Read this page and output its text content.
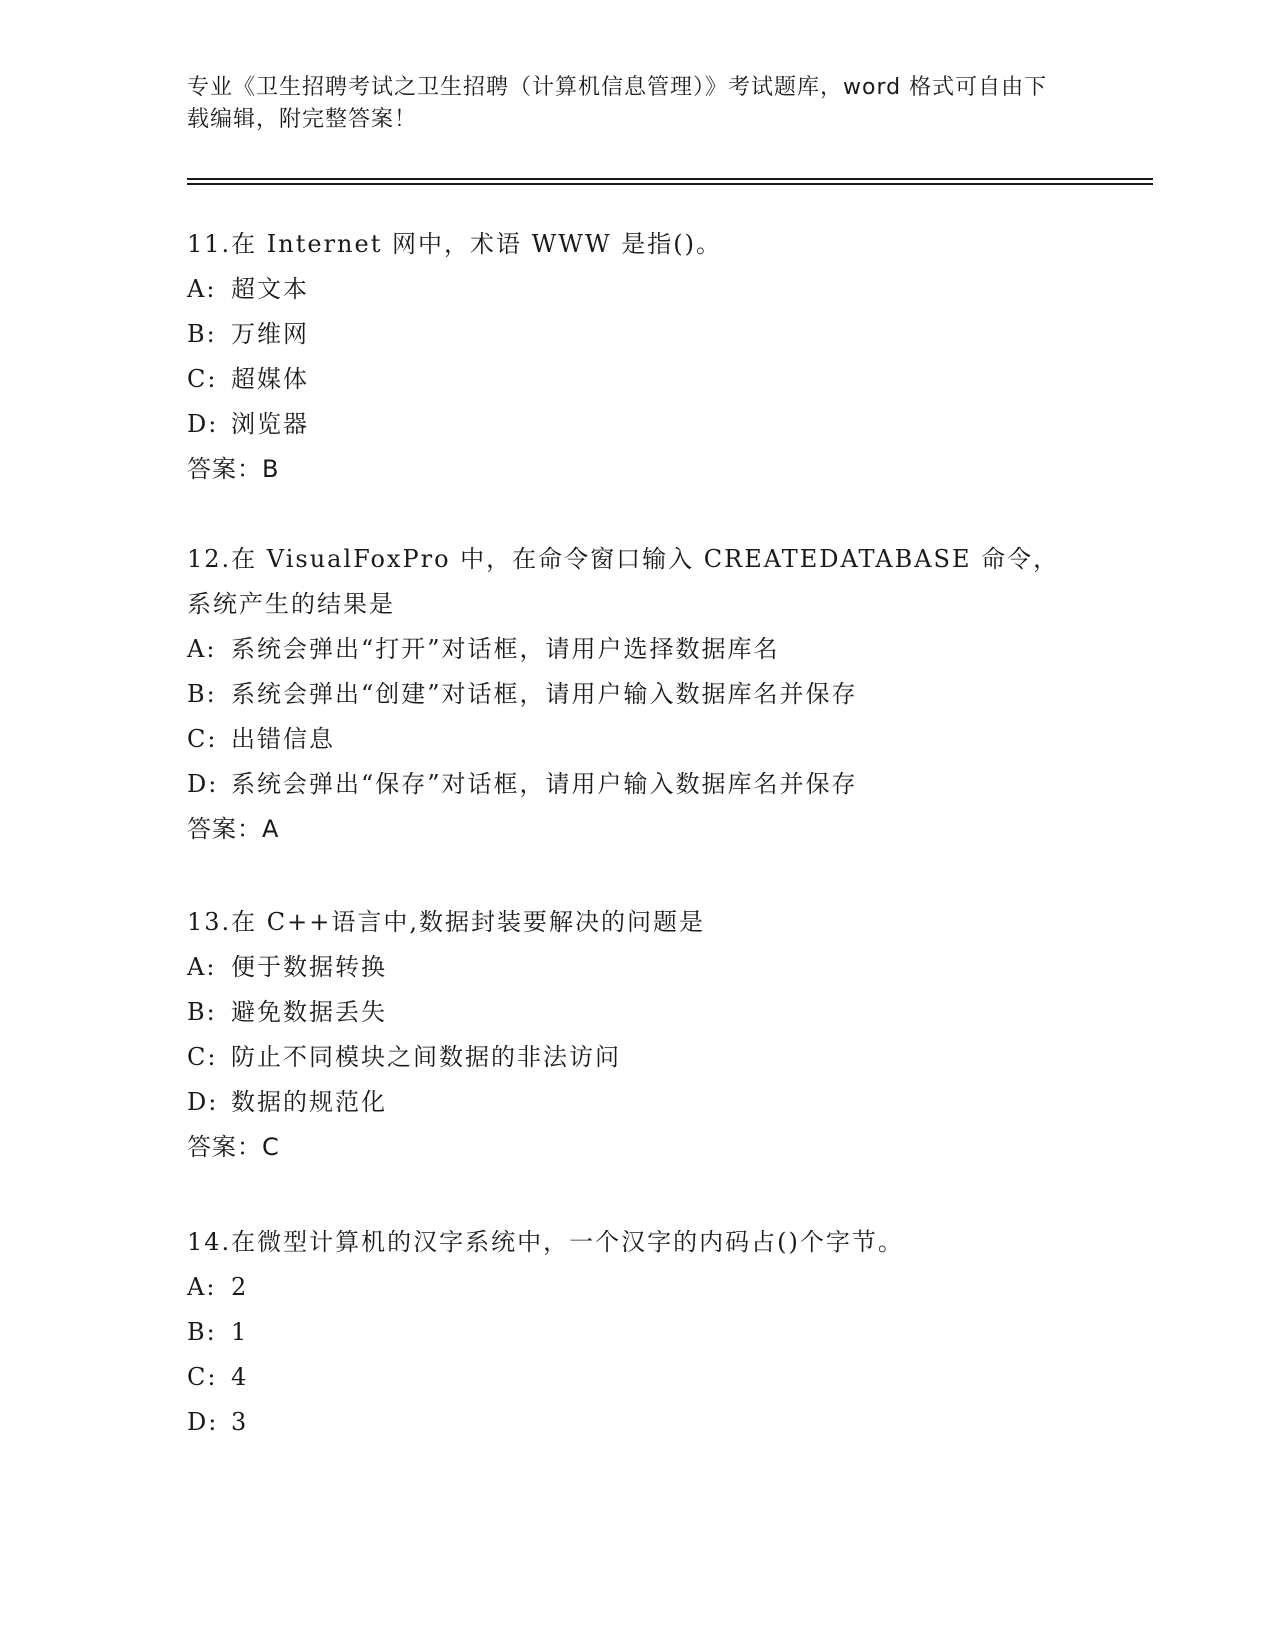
专业《卫生招聘考试之卫生招聘（计算机信息管理）》考试题库，word 格式可自由下载编辑，附完整答案！
11.在 Internet 网中，术语 WWW 是指()。
A: 超文本
B: 万维网
C: 超媒体
D: 浏览器
答案：B
12.在 VisualFoxPro 中，在命令窗口输入 CREATEDATABASE 命令，系统产生的结果是
A: 系统会弹出“打开”对话框，请用户选择数据库名
B: 系统会弹出“创建”对话框，请用户输入数据库名并保存
C: 出错信息
D: 系统会弹出“保存”对话框，请用户输入数据库名并保存
答案：A
13.在 C++语言中,数据封装要解决的问题是
A: 便于数据转换
B: 避免数据丢失
C: 防止不同模块之间数据的非法访问
D: 数据的规范化
答案：C
14.在微型计算机的汉字系统中，一个汉字的内码占()个字节。
A: 2
B: 1
C: 4
D: 3
